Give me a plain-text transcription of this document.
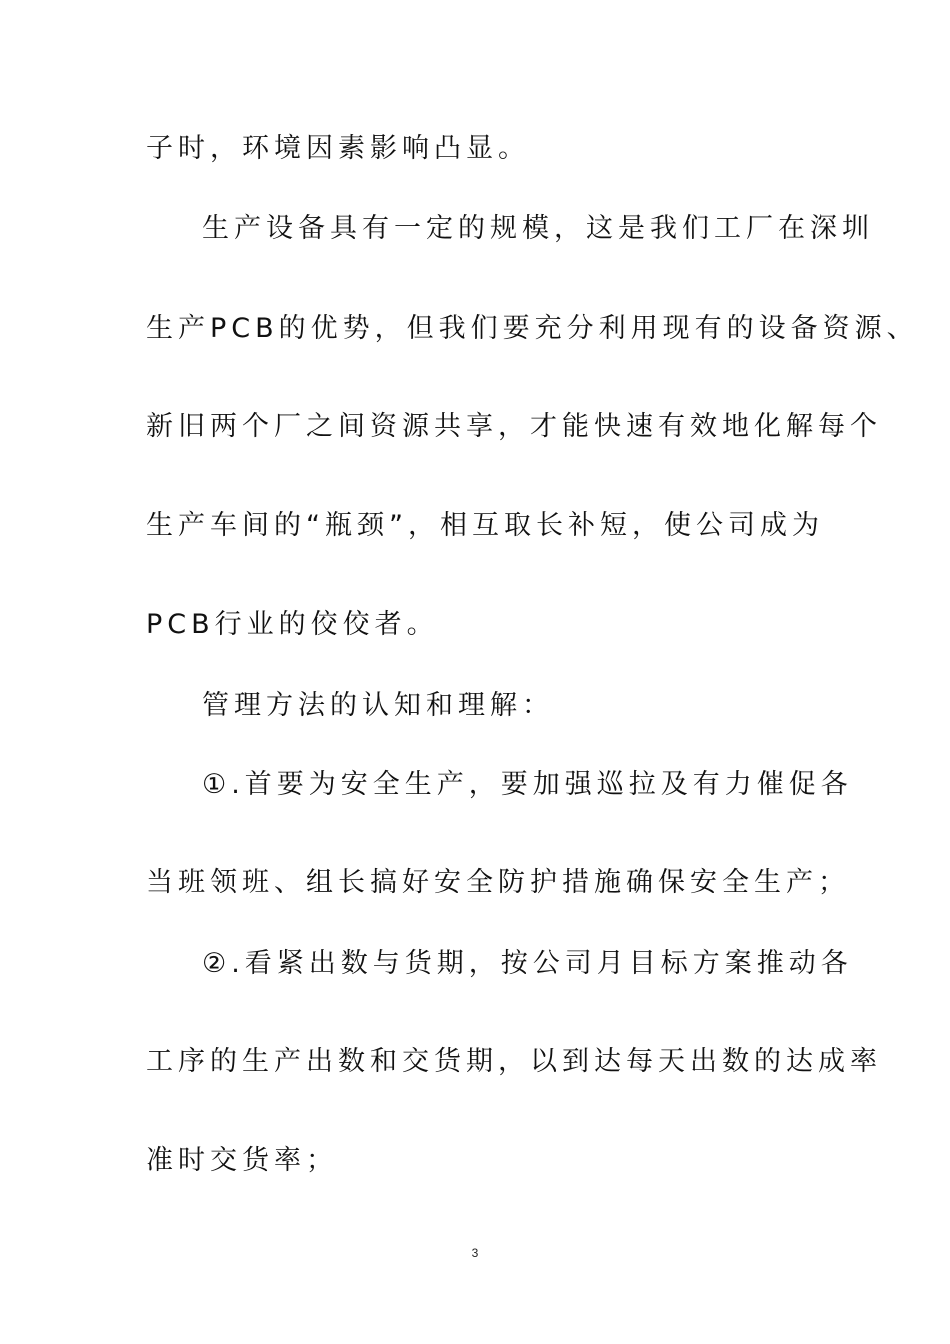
子时，环境因素影响凸显。
生产设备具有一定的规模，这是我们工厂在深圳
生产PCB的优势，但我们要充分利用现有的设备资源、
新旧两个厂之间资源共享，才能快速有效地化解每个
生产车间的“瓶颈”，相互取长补短，使公司成为
PCB行业的佼佼者。
管理方法的认知和理解：
①.首要为安全生产，要加强巡拉及有力催促各
当班领班、组长搞好安全防护措施确保安全生产；
②.看紧出数与货期，按公司月目标方案推动各
工序的生产出数和交货期，以到达每天出数的达成率
准时交货率；
3
